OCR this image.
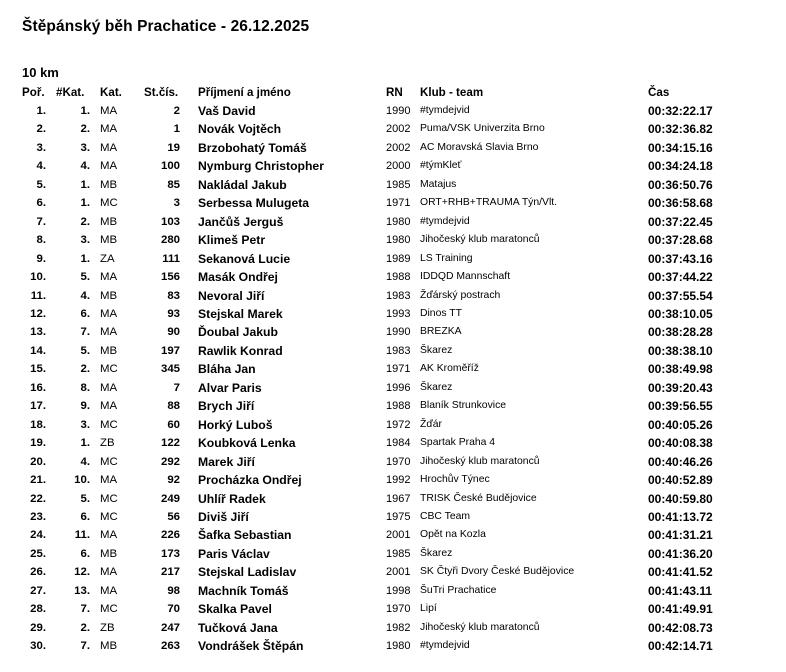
Štěpánský běh Prachatice - 26.12.2025
10 km
Poř.	#Kat.	Kat.	St.čís.	Příjmení a jméno	RN	Klub - team	Čas
1.	1.	MA	2	Vaš David	1990	#tymdejvid	00:32:22.17
2.	2.	MA	1	Novák Vojtěch	2002	Puma/VSK Univerzita Brno	00:32:36.82
3.	3.	MA	19	Brzobohatý Tomáš	2002	AC Moravská Slavia Brno	00:34:15.16
4.	4.	MA	100	Nymburg Christopher	2000	#týmKleť	00:34:24.18
5.	1.	MB	85	Nakládal Jakub	1985	Matajus	00:36:50.76
6.	1.	MC	3	Serbessa Mulugeta	1971	ORT+RHB+TRAUMA Týn/Vlt.	00:36:58.68
7.	2.	MB	103	Jančůš Jerguš	1980	#tymdejvid	00:37:22.45
8.	3.	MB	280	Klimeš Petr	1980	Jihočeský klub maratonců	00:37:28.68
9.	1.	ZA	111	Sekanová Lucie	1989	LS Training	00:37:43.16
10.	5.	MA	156	Masák Ondřej	1988	IDDQD Mannschaft	00:37:44.22
11.	4.	MB	83	Nevoral Jiří	1983	Žďárský postrach	00:37:55.54
12.	6.	MA	93	Stejskal Marek	1993	Dinos TT	00:38:10.05
13.	7.	MA	90	Ďoubal Jakub	1990	BREZKA	00:38:28.28
14.	5.	MB	197	Rawlik Konrad	1983	Škarez	00:38:38.10
15.	2.	MC	345	Bláha Jan	1971	AK Kroměříž	00:38:49.98
16.	8.	MA	7	Alvar Paris	1996	Škarez	00:39:20.43
17.	9.	MA	88	Brych Jiří	1988	Blaník Strunkovice	00:39:56.55
18.	3.	MC	60	Horký Luboš	1972	Žďár	00:40:05.26
19.	1.	ZB	122	Koubková Lenka	1984	Spartak Praha 4	00:40:08.38
20.	4.	MC	292	Marek Jiří	1970	Jihočeský klub maratonců	00:40:46.26
21.	10.	MA	92	Procházka Ondřej	1992	Hrochův Týnec	00:40:52.89
22.	5.	MC	249	Uhlíř Radek	1967	TRISK České Budějovice	00:40:59.80
23.	6.	MC	56	Diviš Jiří	1975	CBC Team	00:41:13.72
24.	11.	MA	226	Šafka Sebastian	2001	Opět na Kozla	00:41:31.21
25.	6.	MB	173	Paris Václav	1985	Škarez	00:41:36.20
26.	12.	MA	217	Stejskal Ladislav	2001	SK Čtyři Dvory České Budějovice	00:41:41.52
27.	13.	MA	98	Machník Tomáš	1998	ŠuTri Prachatice	00:41:43.11
28.	7.	MC	70	Skalka Pavel	1970	Lipí	00:41:49.91
29.	2.	ZB	247	Tučková Jana	1982	Jihočeský klub maratonců	00:42:08.73
30.	7.	MB	263	Vondrášek Štěpán	1980	#tymdejvid	00:42:14.71
